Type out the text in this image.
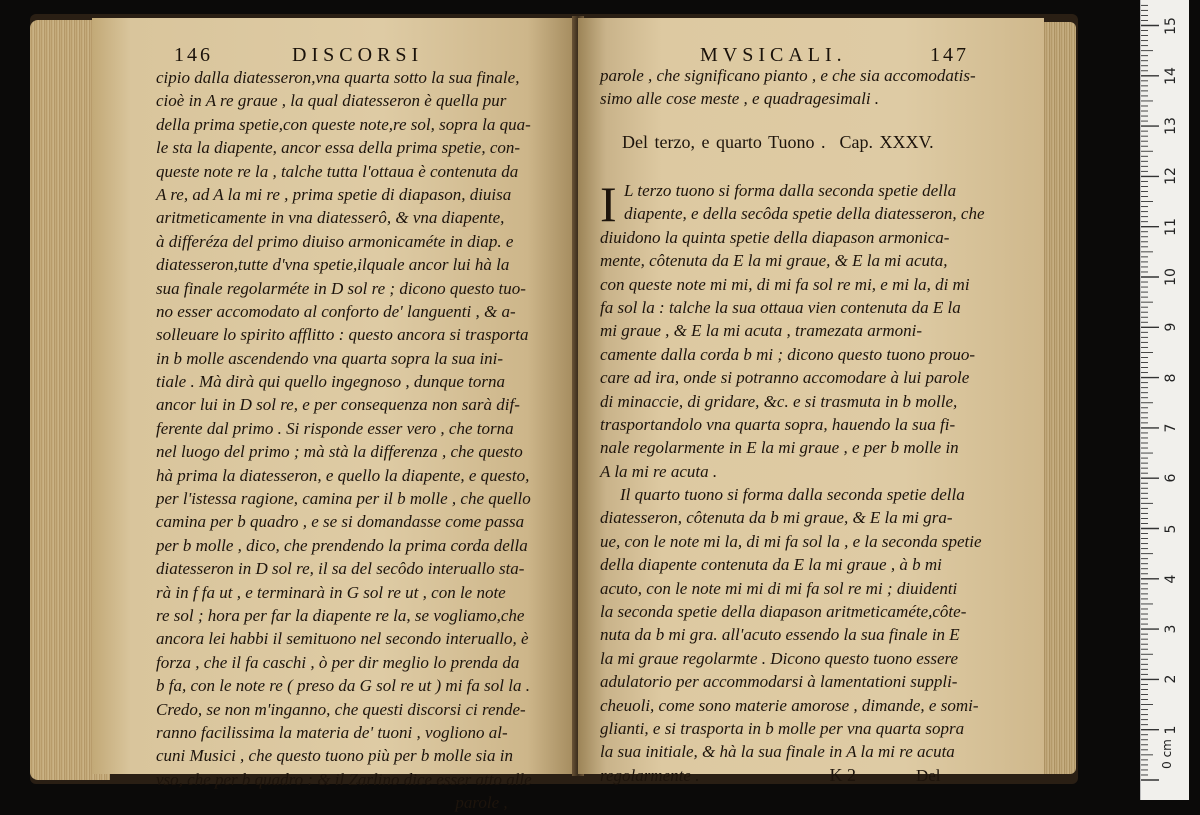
146	DISCORSI
cipio dalla diatesseron,vna quarta sotto la sua finale,
cioè in A re graue , la qual diatesseron è quella pur
della prima spetie,con queste note,re sol, sopra la qua-
le sta la diapente, ancor essa della prima spetie, con-
queste note re la , talche tutta l'ottaua è contenuta da
A re, ad A la mi re , prima spetie di diapason, diuisa
aritmeticamente in vna diatesserô, & vna diapente,
à differéza del primo diuiso armonicaméte in diap. e
diatesseron,tutte d'vna spetie,ilquale ancor lui hà la
sua finale regolarméte in D sol re ; dicono questo tuo-
no esser accomodato al conforto de' languenti , & a-
solleuare lo spirito afflitto : questo ancora si trasporta
in b molle ascendendo vna quarta sopra la sua ini-
tiale . Mà dirà qui quello ingegnoso , dunque torna
ancor lui in D sol re, e per consequenza non sarà dif-
ferente dal primo . Si risponde esser vero , che torna
nel luogo del primo ; mà stà la differenza , che questo
hà prima la diatesseron, e quello la diapente, e questo,
per l'istessa ragione, camina per il b molle , che quello
camina per b quadro , e se si domandasse come passa
per b molle , dico, che prendendo la prima corda della
diatesseron in D sol re, il sa del secôdo interuallo sta-
rà in f fa ut , e terminarà in G sol re ut , con le note
re sol ; hora per far la diapente re la, se vogliamo,che
ancora lei habbi il semituono nel secondo interuallo, è
forza , che il fa caschi , ò per dir meglio lo prenda da
b fa, con le note re ( preso da G sol re ut ) mi fa sol la .
Credo, se non m'inganno, che questi discorsi ci rende-
ranno facilissima la materia de' tuoni , vogliono al-
cuni Musici , che questo tuono più per b molle sia in
vso, che per b quadro : & il Zarlino dice esser atto alle
parole ,
MVSICALI.	147
parole , che significano pianto , e che sia accomodatis-
simo alle cose meste , e quadragesimali .
Del terzo, e quarto Tuono . Cap. XXXV.
I L terzo tuono si forma dalla seconda spetie della
diapente, e della secôda spetie della diatesseron, che
diuidono la quinta spetie della diapason armonica-
mente, côtenuta da E la mi graue, & E la mi acuta,
con queste note mi mi, di mi fa sol re mi, e mi la, di mi
fa sol la : talche la sua ottaua vien contenuta da E la
mi graue , & E la mi acuta , tramezata armoni-
camente dalla corda b mi ; dicono questo tuono prouo-
care ad ira, onde si potranno accomodare à lui parole
di minaccie, di gridare, &c. e si trasmuta in b molle,
trasportandolo vna quarta sopra, hauendo la sua fi-
nale regolarmente in E la mi graue , e per b molle in
A la mi re acuta .
Il quarto tuono si forma dalla seconda spetie della
diatesseron, côtenuta da b mi graue, & E la mi gra-
ue, con le note mi la, di mi fa sol la , e la seconda spetie
della diapente contenuta da E la mi graue , à b mi
acuto, con le note mi mi di mi fa sol re mi ; diuidenti
la seconda spetie della diapason aritmeticaméte,côte-
nuta da b mi gra. all'acuto essendo la sua finale in E
la mi graue regolarmte . Dicono questo tuono essere
adulatorio per accommodarsi à lamentationi suppli-
cheuoli, come sono materie amorose , dimande, e somi-
glianti, e si trasporta in b molle per vna quarta sopra
la sua initiale, & hà la sua finale in A la mi re acuta
regolarmente .	K 2	Del
0 cm
1
2
3
4
5
6
7
8
9
10
11
12
13
14
15
